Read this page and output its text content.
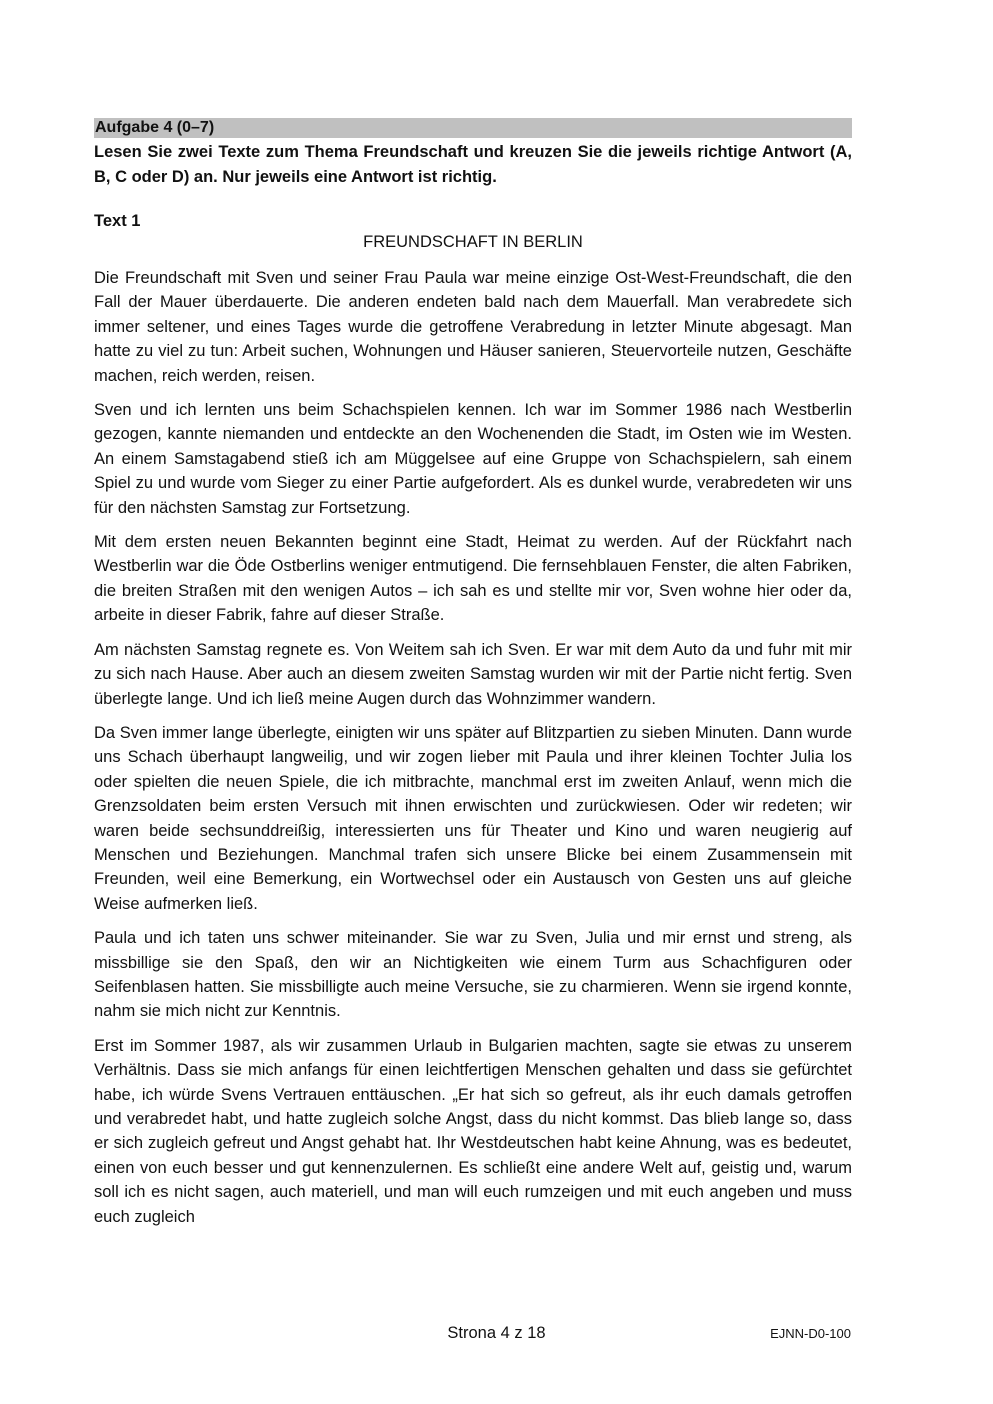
Aufgabe 4 (0–7)
Lesen Sie zwei Texte zum Thema Freundschaft und kreuzen Sie die jeweils richtige Antwort (A, B, C oder D) an. Nur jeweils eine Antwort ist richtig.
Text 1
FREUNDSCHAFT IN BERLIN

Die Freundschaft mit Sven und seiner Frau Paula war meine einzige Ost-West-Freundschaft, die den Fall der Mauer überdauerte. Die anderen endeten bald nach dem Mauerfall. Man verabredete sich immer seltener, und eines Tages wurde die getroffene Verabredung in letzter Minute abgesagt. Man hatte zu viel zu tun: Arbeit suchen, Wohnungen und Häuser sanieren, Steuervorteile nutzen, Geschäfte machen, reich werden, reisen.

Sven und ich lernten uns beim Schachspielen kennen. Ich war im Sommer 1986 nach Westberlin gezogen, kannte niemanden und entdeckte an den Wochenenden die Stadt, im Osten wie im Westen. An einem Samstagabend stieß ich am Müggelsee auf eine Gruppe von Schachspielern, sah einem Spiel zu und wurde vom Sieger zu einer Partie aufgefordert. Als es dunkel wurde, verabredeten wir uns für den nächsten Samstag zur Fortsetzung.

Mit dem ersten neuen Bekannten beginnt eine Stadt, Heimat zu werden. Auf der Rückfahrt nach Westberlin war die Öde Ostberlins weniger entmutigend. Die fernsehblauen Fenster, die alten Fabriken, die breiten Straßen mit den wenigen Autos – ich sah es und stellte mir vor, Sven wohne hier oder da, arbeite in dieser Fabrik, fahre auf dieser Straße.

Am nächsten Samstag regnete es. Von Weitem sah ich Sven. Er war mit dem Auto da und fuhr mit mir zu sich nach Hause. Aber auch an diesem zweiten Samstag wurden wir mit der Partie nicht fertig. Sven überlegte lange. Und ich ließ meine Augen durch das Wohnzimmer wandern.

Da Sven immer lange überlegte, einigten wir uns später auf Blitzpartien zu sieben Minuten. Dann wurde uns Schach überhaupt langweilig, und wir zogen lieber mit Paula und ihrer kleinen Tochter Julia los oder spielten die neuen Spiele, die ich mitbrachte, manchmal erst im zweiten Anlauf, wenn mich die Grenzsoldaten beim ersten Versuch mit ihnen erwischten und zurückwiesen. Oder wir redeten; wir waren beide sechsunddreißig, interessierten uns für Theater und Kino und waren neugierig auf Menschen und Beziehungen. Manchmal trafen sich unsere Blicke bei einem Zusammensein mit Freunden, weil eine Bemerkung, ein Wortwechsel oder ein Austausch von Gesten uns auf gleiche Weise aufmerken ließ.

Paula und ich taten uns schwer miteinander. Sie war zu Sven, Julia und mir ernst und streng, als missbillige sie den Spaß, den wir an Nichtigkeiten wie einem Turm aus Schachfiguren oder Seifenblasen hatten. Sie missbilligte auch meine Versuche, sie zu charmieren. Wenn sie irgend konnte, nahm sie mich nicht zur Kenntnis.

Erst im Sommer 1987, als wir zusammen Urlaub in Bulgarien machten, sagte sie etwas zu unserem Verhältnis. Dass sie mich anfangs für einen leichtfertigen Menschen gehalten und dass sie gefürchtet habe, ich würde Svens Vertrauen enttäuschen. „Er hat sich so gefreut, als ihr euch damals getroffen und verabredet habt, und hatte zugleich solche Angst, dass du nicht kommst. Das blieb lange so, dass er sich zugleich gefreut und Angst gehabt hat. Ihr Westdeutschen habt keine Ahnung, was es bedeutet, einen von euch besser und gut kennenzulernen. Es schließt eine andere Welt auf, geistig und, warum soll ich es nicht sagen, auch materiell, und man will euch rumzeigen und mit euch angeben und muss euch zugleich

Strona 4 z 18	EJNN-D0-100
